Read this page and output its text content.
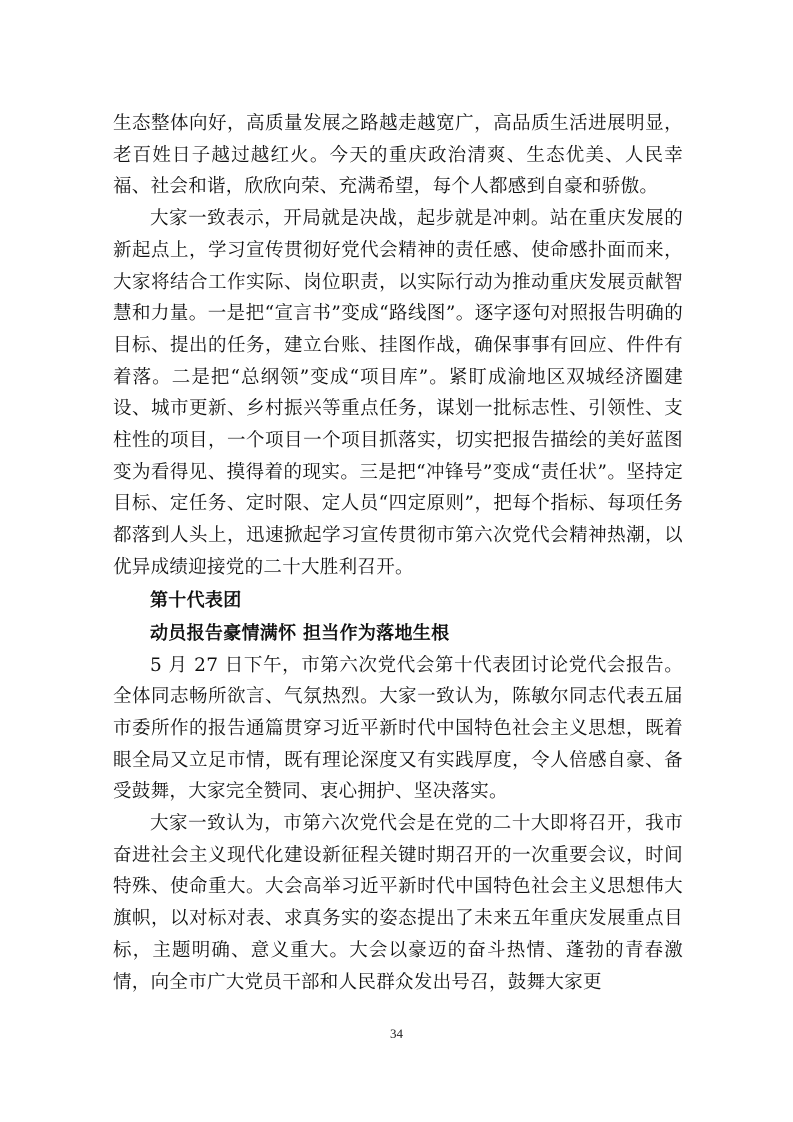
生态整体向好，高质量发展之路越走越宽广，高品质生活进展明显，老百姓日子越过越红火。今天的重庆政治清爽、生态优美、人民幸福、社会和谐，欣欣向荣、充满希望，每个人都感到自豪和骄傲。

大家一致表示，开局就是决战，起步就是冲刺。站在重庆发展的新起点上，学习宣传贯彻好党代会精神的责任感、使命感扑面而来，大家将结合工作实际、岗位职责，以实际行动为推动重庆发展贡献智慧和力量。一是把“宣言书”变成“路线图”。逐字逐句对照报告明确的目标、提出的任务，建立台账、挂图作战，确保事事有回应、件件有着落。二是把“总纲领”变成“项目库”。紧盯成渝地区双城经济圈建设、城市更新、乡村振兴等重点任务，谋划一批标志性、引领性、支柱性的项目，一个项目一个项目抓落实，切实把报告描绘的美好蓝图变为看得见、摸得着的现实。三是把“冲锋号”变成“责任状”。坚持定目标、定任务、定时限、定人员“四定原则”，把每个指标、每项任务都落到人头上，迅速掀起学习宣传贯彻市第六次党代会精神热潮，以优异成绩迎接党的二十大胜利召开。

第十代表团
动员报告豪情满怀 担当作为落地生根

5 月 27 日下午，市第六次党代会第十代表团讨论党代会报告。全体同志畅所欲言、气氛热烈。大家一致认为，陈敏尔同志代表五届市委所作的报告通篇贯穿习近平新时代中国特色社会主义思想，既着眼全局又立足市情，既有理论深度又有实践厚度，令人倍感自豪、备受鼓舞，大家完全赞同、衷心拥护、坚决落实。

大家一致认为，市第六次党代会是在党的二十大即将召开，我市奋进社会主义现代化建设新征程关键时期召开的一次重要会议，时间特殊、使命重大。大会高举习近平新时代中国特色社会主义思想伟大旗帜，以对标对表、求真务实的姿态提出了未来五年重庆发展重点目标，主题明确、意义重大。大会以豪迈的奋斗热情、蓬勃的青春激情，向全市广大党员干部和人民群众发出号召，鼓舞大家更

34
